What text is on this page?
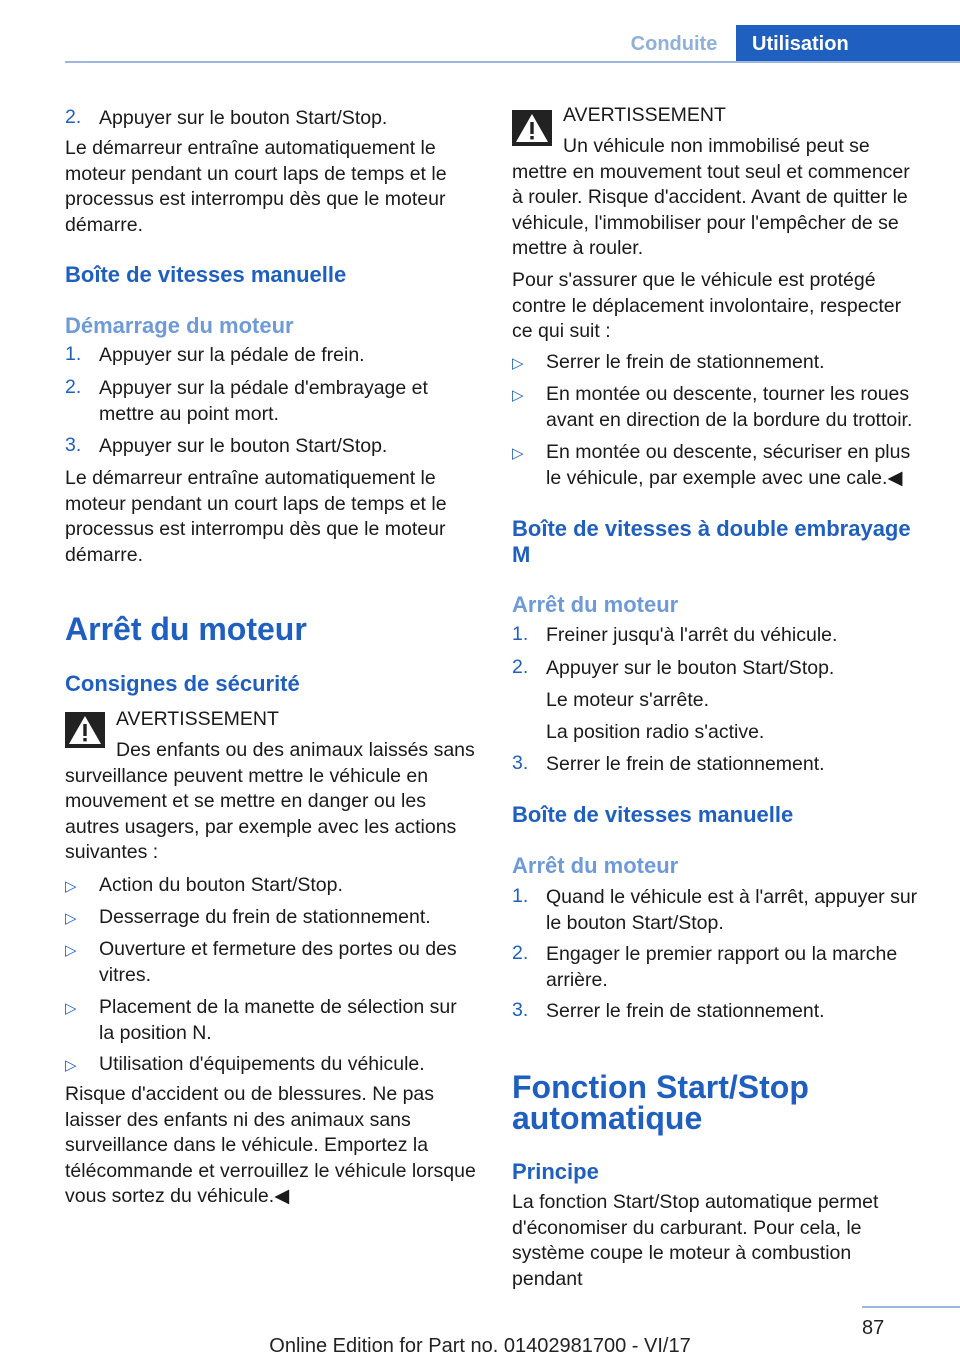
Conduite	Utilisation
2. Appuyer sur le bouton Start/Stop.

Le démarreur entraîne automatiquement le moteur pendant un court laps de temps et le processus est interrompu dès que le moteur démarre.

Boîte de vitesses manuelle
Démarrage du moteur
1. Appuyer sur la pédale de frein.
2. Appuyer sur la pédale d'embrayage et mettre au point mort.
3. Appuyer sur le bouton Start/Stop.

Le démarreur entraîne automatiquement le moteur pendant un court laps de temps et le processus est interrompu dès que le moteur démarre.

Arrêt du moteur
Consignes de sécurité
AVERTISSEMENT

Des enfants ou des animaux laissés sans surveillance peuvent mettre le véhicule en mouvement et se mettre en danger ou les autres usagers, par exemple avec les actions suivantes :

▷ Action du bouton Start/Stop.
▷ Desserrage du frein de stationnement.
▷ Ouverture et fermeture des portes ou des vitres.
▷ Placement de la manette de sélection sur la position N.
▷ Utilisation d'équipements du véhicule.

Risque d'accident ou de blessures. Ne pas laisser des enfants ni des animaux sans surveillance dans le véhicule. Emportez la télécommande et verrouillez le véhicule lorsque vous sortez du véhicule.◀

AVERTISSEMENT

Un véhicule non immobilisé peut se mettre en mouvement tout seul et commencer à rouler. Risque d'accident. Avant de quitter le véhicule, l'immobiliser pour l'empêcher de se mettre à rouler.

Pour s'assurer que le véhicule est protégé contre le déplacement involontaire, respecter ce qui suit :

▷ Serrer le frein de stationnement.
▷ En montée ou descente, tourner les roues avant en direction de la bordure du trottoir.
▷ En montée ou descente, sécuriser en plus le véhicule, par exemple avec une cale.◀
Boîte de vitesses à double embrayage M
Arrêt du moteur
1. Freiner jusqu'à l'arrêt du véhicule.
2. Appuyer sur le bouton Start/Stop.
Le moteur s'arrête.
La position radio s'active.
3. Serrer le frein de stationnement.
Boîte de vitesses manuelle
Arrêt du moteur
1. Quand le véhicule est à l'arrêt, appuyer sur le bouton Start/Stop.
2. Engager le premier rapport ou la marche arrière.
3. Serrer le frein de stationnement.
Fonction Start/Stop automatique
Principe

La fonction Start/Stop automatique permet d'économiser du carburant. Pour cela, le système coupe le moteur à combustion pendant

87
Online Edition for Part no. 01402981700 - VI/17
